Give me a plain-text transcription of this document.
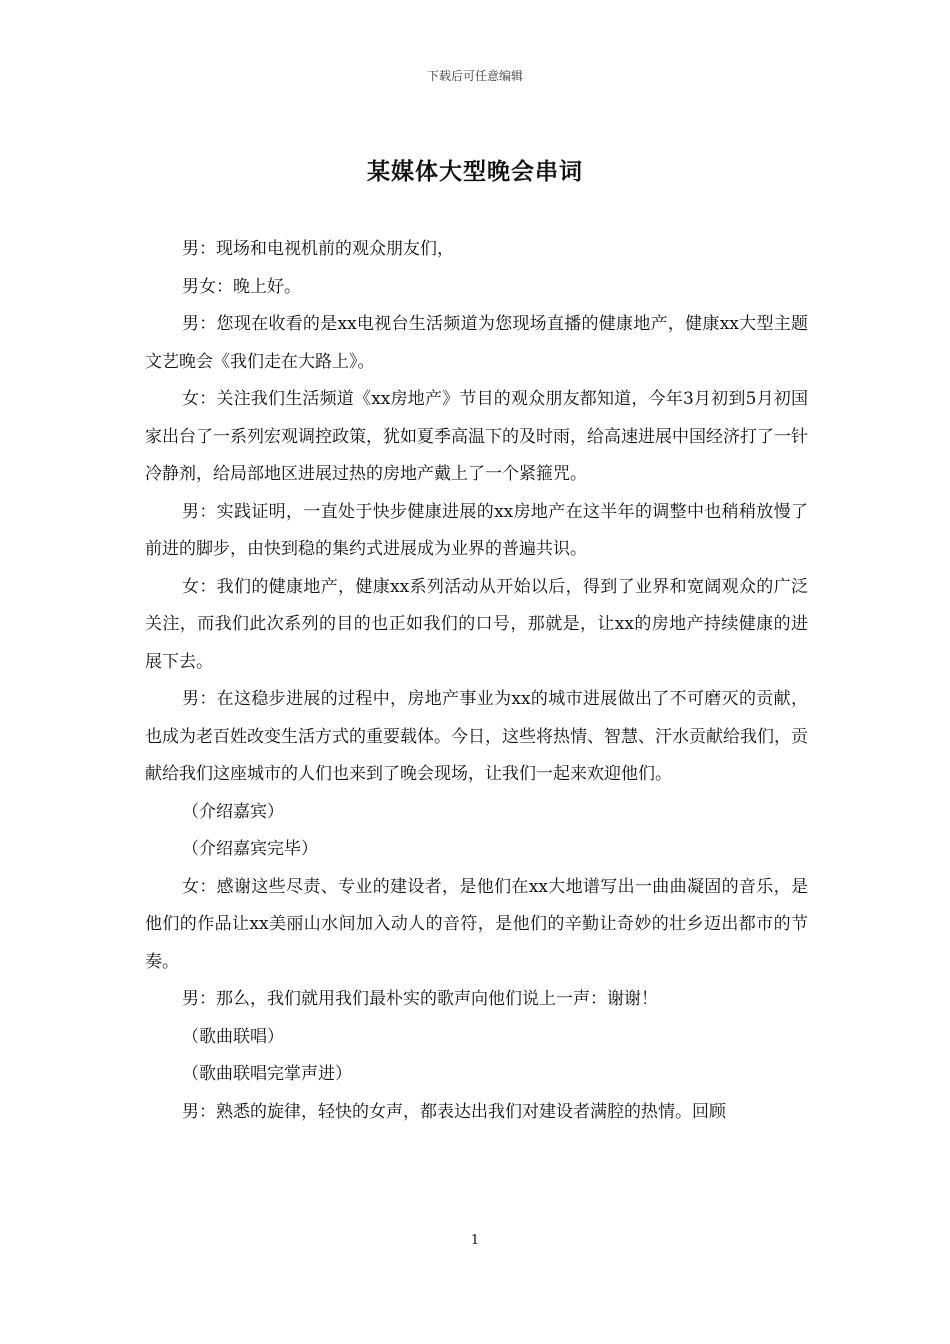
下载后可任意编辑
某媒体大型晚会串词

男：现场和电视机前的观众朋友们，

男女：晚上好。

男：您现在收看的是xx电视台生活频道为您现场直播的健康地产，健康xx大型主题文艺晚会《我们走在大路上》。

女：关注我们生活频道《xx房地产》节目的观众朋友都知道，今年3月初到5月初国家出台了一系列宏观调控政策，犹如夏季高温下的及时雨，给高速进展中国经济打了一针冷静剂，给局部地区进展过热的房地产戴上了一个紧箍咒。

男：实践证明，一直处于快步健康进展的xx房地产在这半年的调整中也稍稍放慢了前进的脚步，由快到稳的集约式进展成为业界的普遍共识。

女：我们的健康地产，健康xx系列活动从开始以后，得到了业界和宽阔观众的广泛关注，而我们此次系列的目的也正如我们的口号，那就是，让xx的房地产持续健康的进展下去。

男：在这稳步进展的过程中，房地产事业为xx的城市进展做出了不可磨灭的贡献，也成为老百姓改变生活方式的重要载体。今日，这些将热情、智慧、汗水贡献给我们，贡献给我们这座城市的人们也来到了晚会现场，让我们一起来欢迎他们。

（介绍嘉宾）

（介绍嘉宾完毕）

女：感谢这些尽责、专业的建设者，是他们在xx大地谱写出一曲曲凝固的音乐，是他们的作品让xx美丽山水间加入动人的音符，是他们的辛勤让奇妙的壮乡迈出都市的节奏。

男：那么，我们就用我们最朴实的歌声向他们说上一声：谢谢！

（歌曲联唱）

（歌曲联唱完掌声进）

男：熟悉的旋律，轻快的女声，都表达出我们对建设者满腔的热情。回顾

1
